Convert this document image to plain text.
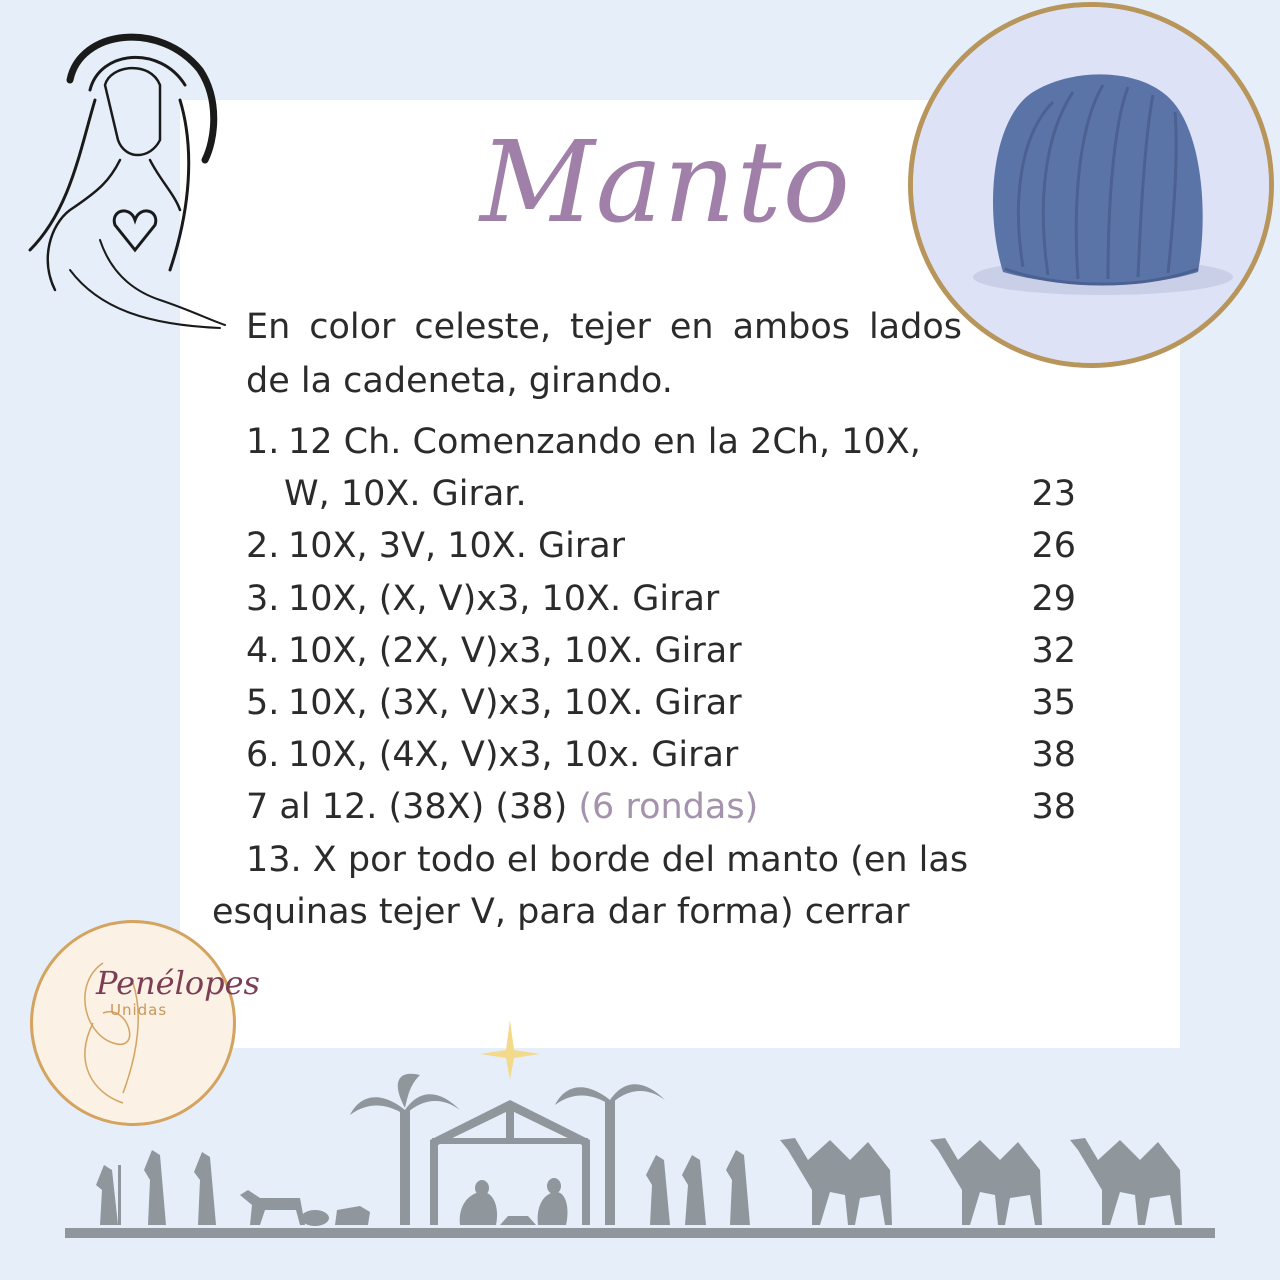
Manto
En color celeste, tejer en ambos lados de la cadeneta, girando.
1. 12 Ch. Comenzando en la 2Ch, 10X,
W, 10X. Girar.	23
2. 10X, 3V, 10X. Girar	26
3. 10X, (X, V)x3, 10X. Girar	29
4. 10X, (2X, V)x3, 10X. Girar	32
5. 10X, (3X, V)x3, 10X. Girar	35
6. 10X, (4X, V)x3, 10x. Girar	38
7 al 12. (38X) (38) (6 rondas)	38
13. X por todo el borde del manto (en las
esquinas tejer V, para dar forma) cerrar
Penélopes
Unidas
